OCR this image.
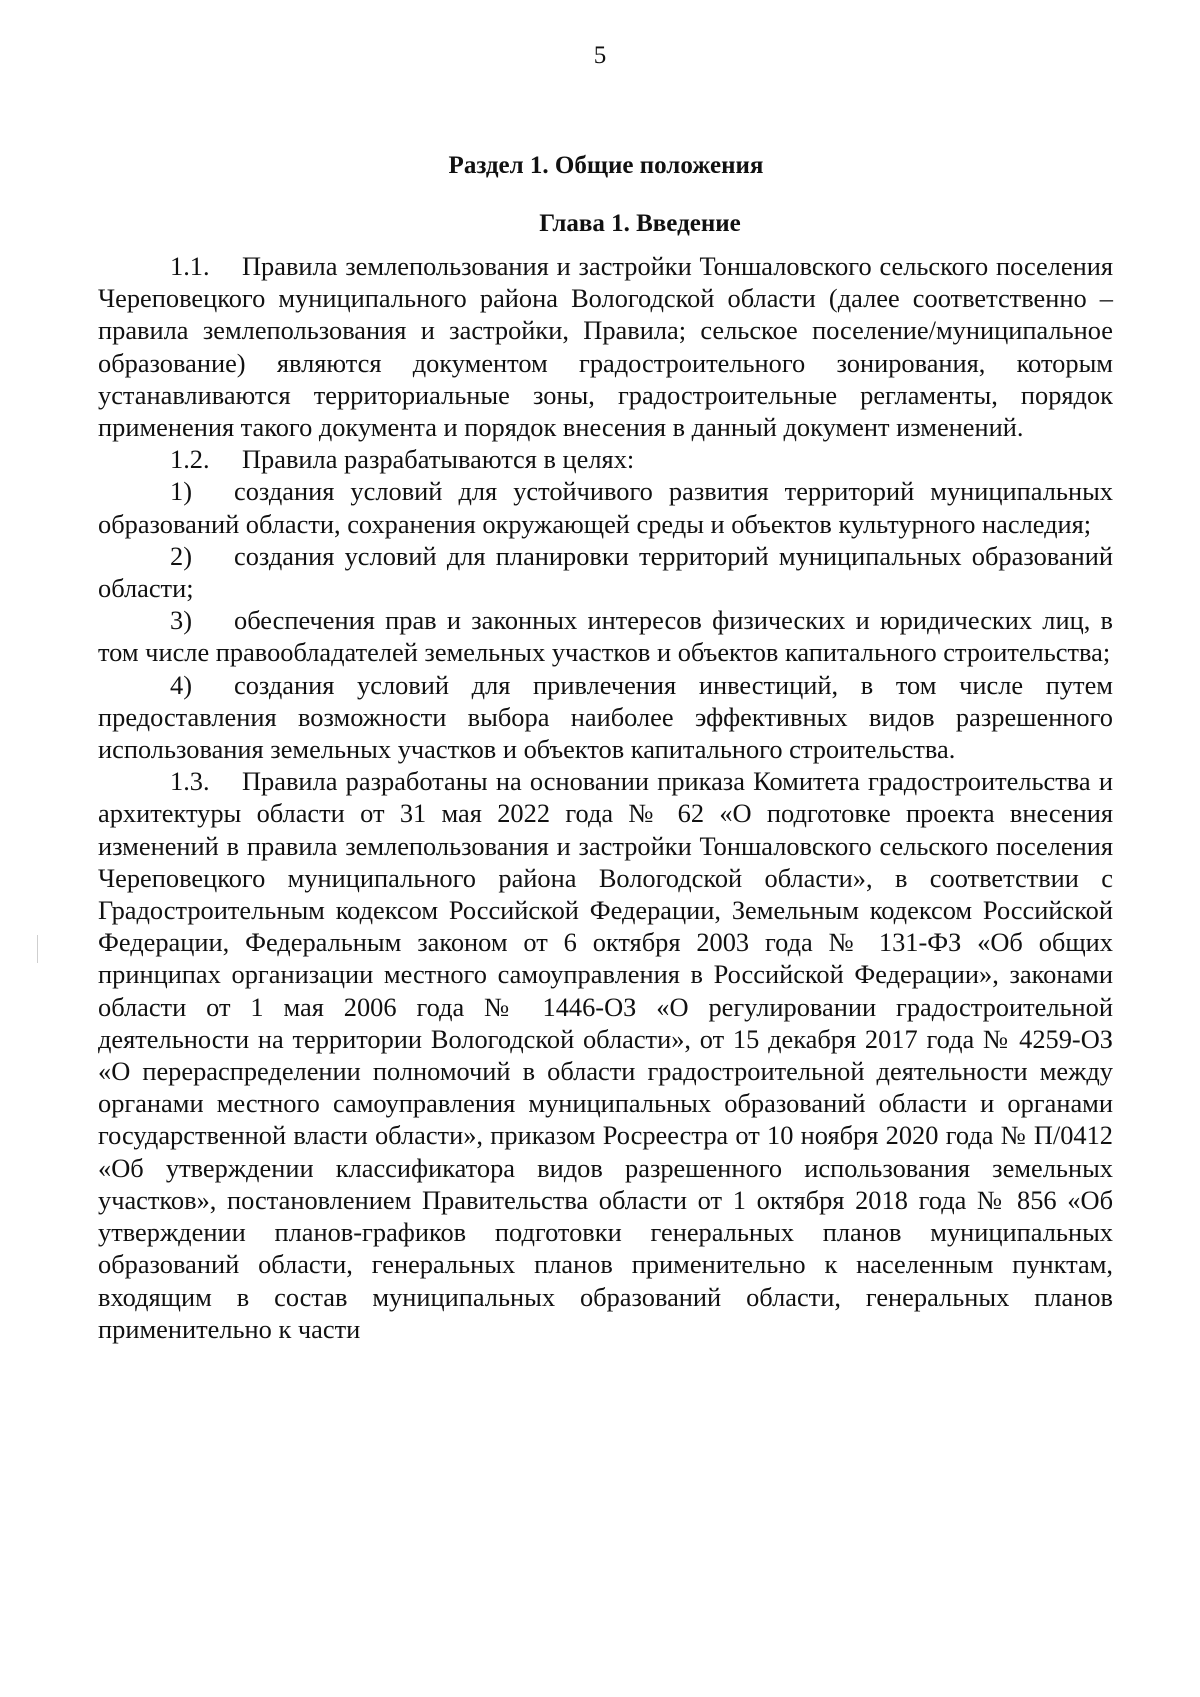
5
Раздел 1. Общие положения
Глава 1. Введение

1.1. Правила землепользования и застройки Тоншаловского сельского поселения Череповецкого муниципального района Вологодской области (далее соответственно – правила землепользования и застройки, Правила; сельское поселение/муниципальное образование) являются документом градостроительного зонирования, которым устанавливаются территориальные зоны, градостроительные регламенты, порядок применения такого документа и порядок внесения в данный документ изменений.

1.2. Правила разрабатываются в целях:

1) создания условий для устойчивого развития территорий муниципальных образований области, сохранения окружающей среды и объектов культурного наследия;

2) создания условий для планировки территорий муниципальных образований области;

3) обеспечения прав и законных интересов физических и юридических лиц, в том числе правообладателей земельных участков и объектов капитального строительства;

4) создания условий для привлечения инвестиций, в том числе путем предоставления возможности выбора наиболее эффективных видов разрешенного использования земельных участков и объектов капитального строительства.

1.3. Правила разработаны на основании приказа Комитета градостроительства и архитектуры области от 31 мая 2022 года № 62 «О подготовке проекта внесения изменений в правила землепользования и застройки Тоншаловского сельского поселения Череповецкого муниципального района Вологодской области», в соответствии с Градостроительным кодексом Российской Федерации, Земельным кодексом Российской Федерации, Федеральным законом от 6 октября 2003 года № 131-ФЗ «Об общих принципах организации местного самоуправления в Российской Федерации», законами области от 1 мая 2006 года № 1446-ОЗ «О регулировании градостроительной деятельности на территории Вологодской области», от 15 декабря 2017 года № 4259-ОЗ «О перераспределении полномочий в области градостроительной деятельности между органами местного самоуправления муниципальных образований области и органами государственной власти области», приказом Росреестра от 10 ноября 2020 года № П/0412 «Об утверждении классификатора видов разрешенного использования земельных участков», постановлением Правительства области от 1 октября 2018 года № 856 «Об утверждении планов-графиков подготовки генеральных планов муниципальных образований области, генеральных планов применительно к населенным пунктам, входящим в состав муниципальных образований области, генеральных планов применительно к части
